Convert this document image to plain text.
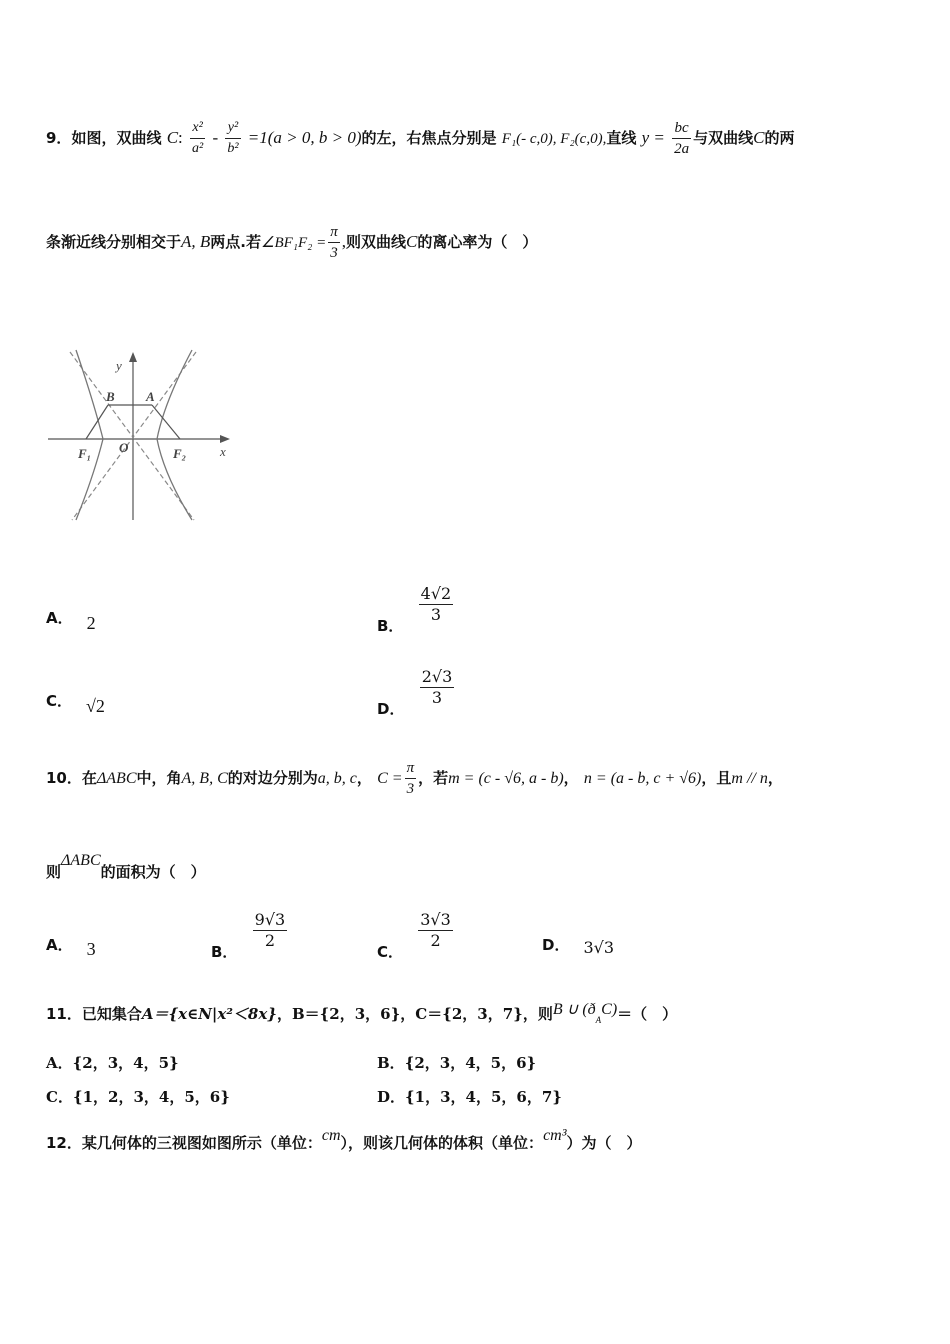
9．如图，双曲线 C: $\frac{\text{x²}}{\text{a²}} - \frac{\text{y²}}{\text{b²}} =1(a > 0$, b > 0)的左，右焦点分别是 F₁(- c,0), F₂(c,0),直线 $y = \frac{bc}{2a}$ 与双曲线C的两
条渐近线分别相交于A, B两点.若∠BF₁F₂ = $\frac{\pi}{3}$ ,则双曲线C的离心率为（　）
y
x
B A
O
F₁	F₂
A． 2	B．
$\frac{4√2}{3}$
C． √2	D．
$\frac{2√3}{3}$
10．在ΔABC中，角A, B, C的对边分别为a, b, c， $C = \frac{\pi}{3}$ ，若m = (c - √6, a - b)， n = (a - b, c + √6)，且m // n，
则ΔABC的面积为（　）
A． 3	B．
$\frac{9√3}{2}$
C．
$\frac{3√3}{2}$	D． 3√3
11．已知集合A＝{x∈N|x²＜8x}，B＝{2，3，6}，C＝{2，3，7}，则B ∪ $(ð_AC)=$（　）
A．{2，3，4，5}	B．{2，3，4，5，6}
C．{1，2，3，4，5，6}	D．{1，3，4，5，6，7}
12．某几何体的三视图如图所示（单位：cm），则该几何体的体积（单位：cm³）为（　）
